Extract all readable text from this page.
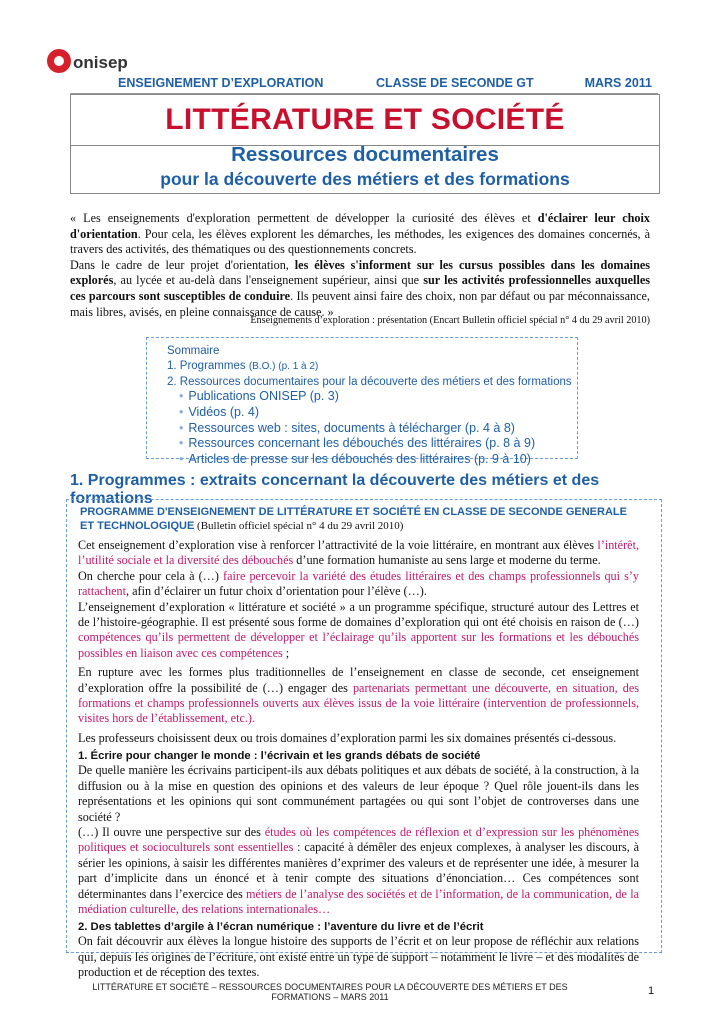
onisep
ENSEIGNEMENT D’EXPLORATION	CLASSE DE SECONDE GT	MARS 2011
LITTÉRATURE ET SOCIÉTÉ
Ressources documentaires
pour la découverte des métiers et des formations

« Les enseignements d'exploration permettent de développer la curiosité des élèves et d'éclairer leur choix d'orientation. Pour cela, les élèves explorent les démarches, les méthodes, les exigences des domaines concernés, à travers des activités, des thématiques ou des questionnements concrets.

Dans le cadre de leur projet d'orientation, les élèves s'informent sur les cursus possibles dans les domaines explorés, au lycée et au-delà dans l'enseignement supérieur, ainsi que sur les activités professionnelles auxquelles ces parcours sont susceptibles de conduire. Ils peuvent ainsi faire des choix, non par défaut ou par méconnaissance, mais libres, avisés, en pleine connaissance de cause. »

Enseignements d’exploration : présentation (Encart Bulletin officiel spécial n° 4 du 29 avril 2010)
Sommaire
1. Programmes (B.O.) (p. 1 à 2)
2. Ressources documentaires pour la découverte des métiers et des formations
• Publications ONISEP (p. 3)
• Vidéos (p. 4)
• Ressources web : sites, documents à télécharger (p. 4 à 8)
• Ressources concernant les débouchés des littéraires (p. 8 à 9)
• Articles de presse sur les débouchés des littéraires (p. 9 à 10)
1. Programmes : extraits concernant la découverte des métiers et des formations
PROGRAMME D'ENSEIGNEMENT DE LITTÉRATURE ET SOCIÉTÉ EN CLASSE DE SECONDE GENERALE ET TECHNOLOGIQUE (Bulletin officiel spécial n° 4 du 29 avril 2010)

Cet enseignement d’exploration vise à renforcer l’attractivité de la voie littéraire, en montrant aux élèves l’intérêt, l’utilité sociale et la diversité des débouchés d’une formation humaniste au sens large et moderne du terme.

On cherche pour cela à (…) faire percevoir la variété des études littéraires et des champs professionnels qui s’y rattachent, afin d’éclairer un futur choix d’orientation pour l’élève (…).

L’enseignement d’exploration « littérature et société » a un programme spécifique, structuré autour des Lettres et de l’histoire-géographie. Il est présenté sous forme de domaines d’exploration qui ont été choisis en raison de (…) compétences qu’ils permettent de développer et l’éclairage qu’ils apportent sur les formations et les débouchés possibles en liaison avec ces compétences ;

En rupture avec les formes plus traditionnelles de l’enseignement en classe de seconde, cet enseignement d’exploration offre la possibilité de (…) engager des partenariats permettant une découverte, en situation, des formations et champs professionnels ouverts aux élèves issus de la voie littéraire (intervention de professionnels, visites hors de l’établissement, etc.).

Les professeurs choisissent deux ou trois domaines d’exploration parmi les six domaines présentés ci-dessous.

1. Écrire pour changer le monde : l’écrivain et les grands débats de société

De quelle manière les écrivains participent-ils aux débats politiques et aux débats de société, à la construction, à la diffusion ou à la mise en question des opinions et des valeurs de leur époque ? Quel rôle jouent-ils dans les représentations et les opinions qui sont communément partagées ou qui sont l’objet de controverses dans une société ?

(…) Il ouvre une perspective sur des études où les compétences de réflexion et d’expression sur les phénomènes politiques et socioculturels sont essentielles : capacité à démêler des enjeux complexes, à analyser les discours, à sérier les opinions, à saisir les différentes manières d’exprimer des valeurs et de représenter une idée, à mesurer la part d’implicite dans un énoncé et à tenir compte des situations d’énonciation… Ces compétences sont déterminantes dans l’exercice des métiers de l’analyse des sociétés et de l’information, de la communication, de la médiation culturelle, des relations internationales…

2. Des tablettes d’argile à l’écran numérique : l’aventure du livre et de l’écrit

On fait découvrir aux élèves la longue histoire des supports de l’écrit et on leur propose de réfléchir aux relations qui, depuis les origines de l’écriture, ont existé entre un type de support – notamment le livre – et des modalités de production et de réception des textes.

LITTÉRATURE ET SOCIÉTÉ – RESSOURCES DOCUMENTAIRES POUR LA DÉCOUVERTE DES MÉTIERS ET DES FORMATIONS – MARS 2011	1
